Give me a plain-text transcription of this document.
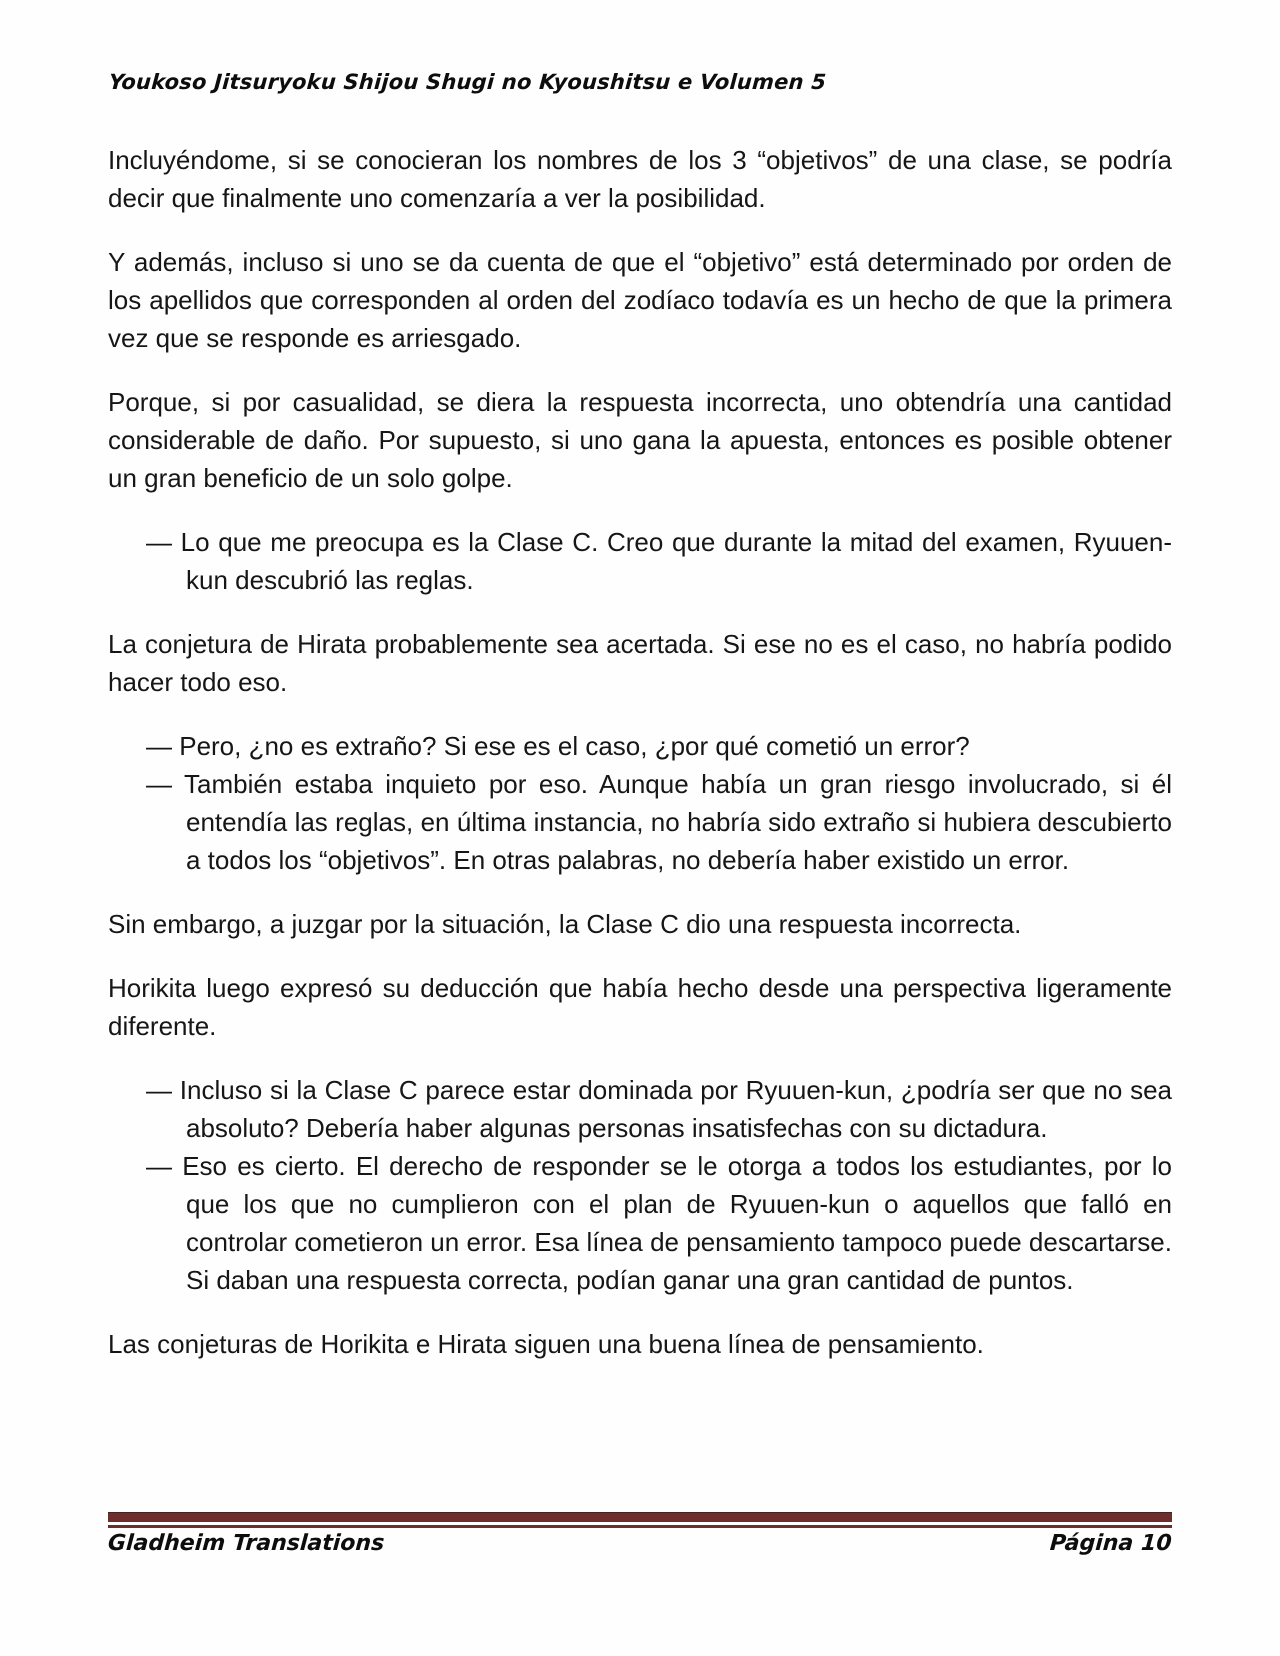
Youkoso Jitsuryoku Shijou Shugi no Kyoushitsu e Volumen 5

Incluyéndome, si se conocieran los nombres de los 3 “objetivos” de una clase, se podría decir que finalmente uno comenzaría a ver la posibilidad.

Y además, incluso si uno se da cuenta de que el “objetivo” está determinado por orden de los apellidos que corresponden al orden del zodíaco todavía es un hecho de que la primera vez que se responde es arriesgado.

Porque, si por casualidad, se diera la respuesta incorrecta, uno obtendría una cantidad considerable de daño. Por supuesto, si uno gana la apuesta, entonces es posible obtener un gran beneficio de un solo golpe.

— Lo que me preocupa es la Clase C. Creo que durante la mitad del examen, Ryuuen-kun descubrió las reglas.

La conjetura de Hirata probablemente sea acertada. Si ese no es el caso, no habría podido hacer todo eso.

— Pero, ¿no es extraño? Si ese es el caso, ¿por qué cometió un error?

— También estaba inquieto por eso. Aunque había un gran riesgo involucrado, si él entendía las reglas, en última instancia, no habría sido extraño si hubiera descubierto a todos los “objetivos”. En otras palabras, no debería haber existido un error.

Sin embargo, a juzgar por la situación, la Clase C dio una respuesta incorrecta.

Horikita luego expresó su deducción que había hecho desde una perspectiva ligeramente diferente.

— Incluso si la Clase C parece estar dominada por Ryuuen-kun, ¿podría ser que no sea absoluto? Debería haber algunas personas insatisfechas con su dictadura.

— Eso es cierto. El derecho de responder se le otorga a todos los estudiantes, por lo que los que no cumplieron con el plan de Ryuuen-kun o aquellos que falló en controlar cometieron un error. Esa línea de pensamiento tampoco puede descartarse. Si daban una respuesta correcta, podían ganar una gran cantidad de puntos.

Las conjeturas de Horikita e Hirata siguen una buena línea de pensamiento.

Gladheim Translations	Página 10
